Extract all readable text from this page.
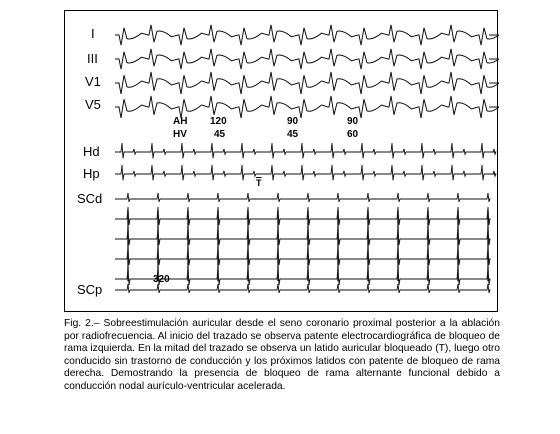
I
III
V1
V5
Hd
Hp
SCd
SCp
AH
HV
120
45
90
45
90
60
320
$\overline{T}$
Fig. 2.– Sobreestimulación auricular desde el seno coronario proximal posterior a la ablación por radiofrecuencia. Al inicio del trazado se observa patente electrocardiográfica de bloqueo de rama izquierda. En la mitad del trazado se observa un latido auricular bloqueado (T), luego otro conducido sin trastorno de conducción y los próximos latidos con patente de bloqueo de rama derecha. Demostrando la presencia de bloqueo de rama alternante funcional debido a conducción nodal aurículo-ventricular acelerada.
